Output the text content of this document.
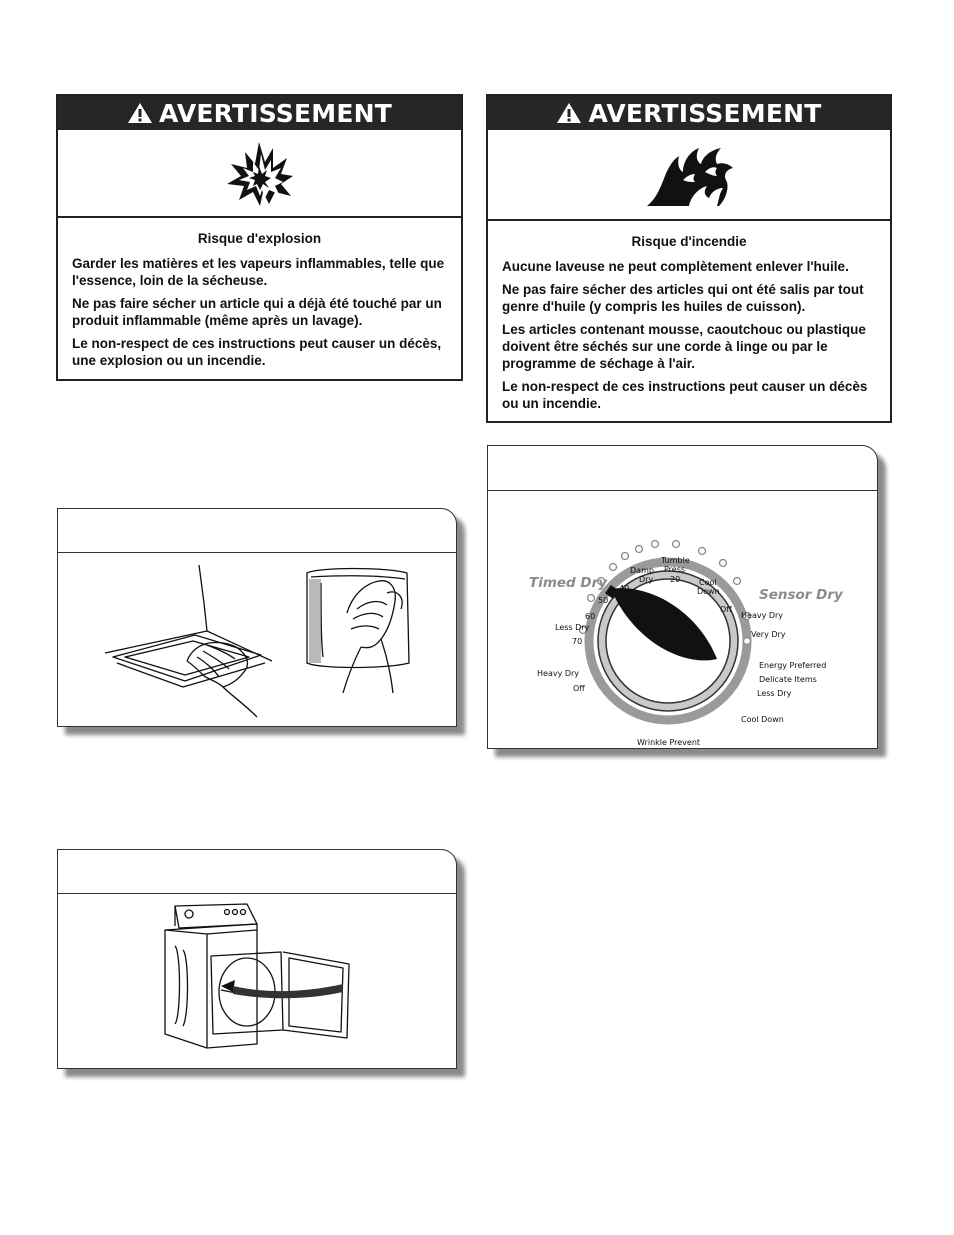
AVERTISSEMENT

Risque d'explosion

Garder les matières et les vapeurs inflammables, telle que l'essence, loin de la sécheuse.

Ne pas faire sécher un article qui a déjà été touché par un produit inflammable (même après un lavage).

Le non-respect de ces instructions peut causer un décès, une explosion ou un incendie.

AVERTISSEMENT

Risque d'incendie

Aucune laveuse ne peut complètement enlever l'huile.

Ne pas faire sécher des articles qui ont été salis par tout genre d'huile (y compris les huiles de cuisson).

Les articles contenant mousse, caoutchouc ou plastique doivent être séchés sur une corde à linge ou par le programme de séchage à l'air.

Le non-respect de ces instructions peut causer un décès ou un incendie.

Timed Dry
Sensor Dry
Heavy Dry
Off
70
Less Dry
60
50
40
Damp
Dry
Tumble
Press
20 Cool
Down
Off
Heavy Dry
Very Dry
Energy Preferred
Delicate Items
Less Dry
Cool Down
Wrinkle Prevent
